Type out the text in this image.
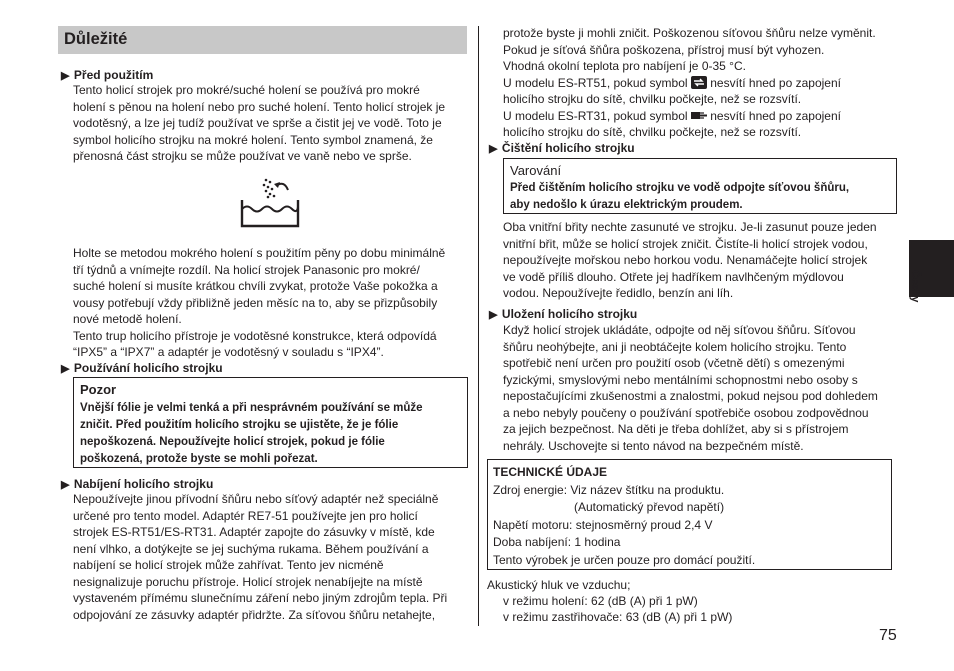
Důležité
▶ Před použitím
Tento holicí strojek pro mokré/suché holení se používá pro mokré
holení s pěnou na holení nebo pro suché holení. Tento holicí strojek je
vodotěsný, a lze jej tudíž používat ve sprše a čistit jej ve vodě. Toto je
symbol holicího strojku na mokré holení. Tento symbol znamená, že
přenosná část strojku se může používat ve vaně nebo ve sprše.
Holte se metodou mokrého holení s použitím pěny po dobu minimálně
tří týdnů a vnímejte rozdíl. Na holicí strojek Panasonic pro mokré/
suché holení si musíte krátkou chvíli zvykat, protože Vaše pokožka a
vousy potřebují vždy přibližně jeden měsíc na to, aby se přizpůsobily
nové metodě holení.
Tento trup holicího přístroje je vodotěsné konstrukce, která odpovídá
“IPX5” a “IPX7” a adaptér je vodotěsný v souladu s “IPX4”.
▶ Používání holicího strojku
Pozor
Vnější fólie je velmi tenká a při nesprávném používání se může
zničit. Před použitím holicího strojku se ujistěte, že je fólie
nepoškozená. Nepoužívejte holicí strojek, pokud je fólie
poškozená, protože byste se mohli pořezat.
▶ Nabíjení holicího strojku
Nepoužívejte jinou přívodní šňůru nebo síťový adaptér než speciálně
určené pro tento model. Adaptér RE7-51 používejte jen pro holicí
strojek ES-RT51/ES-RT31. Adaptér zapojte do zásuvky v místě, kde
není vlhko, a dotýkejte se jej suchýma rukama. Během používání a
nabíjení se holicí strojek může zahřívat. Tento jev nicméně
nesignalizuje poruchu přístroje. Holicí strojek nenabíjejte na místě
vystaveném přímému slunečnímu záření nebo jiným zdrojům tepla. Při
odpojování ze zásuvky adaptér přidržte. Za síťovou šňůru netahejte,
protože byste ji mohli zničit. Poškozenou síťovou šňůru nelze vyměnit.
Pokud je síťová šňůra poškozena, přístroj musí být vyhozen.
Vhodná okolní teplota pro nabíjení je 0-35 °C.
U modelu ES-RT51, pokud symbol nesvítí hned po zapojení
holicího strojku do sítě, chvilku počkejte, než se rozsvítí.
U modelu ES-RT31, pokud symbol nesvítí hned po zapojení
holicího strojku do sítě, chvilku počkejte, než se rozsvítí.
▶ Čištění holicího strojku
Varování
Před čištěním holicího strojku ve vodě odpojte síťovou šňůru,
aby nedošlo k úrazu elektrickým proudem.
Oba vnitřní břity nechte zasunuté ve strojku. Je-li zasunut pouze jeden
vnitřní břit, může se holicí strojek zničit. Čistíte-li holicí strojek vodou,
nepoužívejte mořskou nebo horkou vodu. Nenamáčejte holicí strojek
ve vodě příliš dlouho. Otřete jej hadříkem navlhčeným mýdlovou
vodou. Nepoužívejte ředidlo, benzín ani líh.
▶ Uložení holicího strojku
Když holicí strojek ukládáte, odpojte od něj síťovou šňůru. Síťovou
šňůru neohýbejte, ani ji neobtáčejte kolem holicího strojku. Tento
spotřebič není určen pro použití osob (včetně dětí) s omezenými
fyzickými, smyslovými nebo mentálními schopnostmi nebo osoby s
nepostačujícími zkušenostmi a znalostmi, pokud nejsou pod dohledem
a nebo nebyly poučeny o používání spotřebiče osobou zodpovědnou
za jejich bezpečnost. Na děti je třeba dohlížet, aby si s přístrojem
nehrály. Uschovejte si tento návod na bezpečném místě.
TECHNICKÉ ÚDAJE
Zdroj energie: Viz název štítku na produktu.
(Automatický převod napětí)
Napětí motoru: stejnosměrný proud 2,4 V
Doba nabíjení: 1 hodina
Tento výrobek je určen pouze pro domácí použití.
Akustický hluk ve vzduchu;
v režimu holení: 62 (dB (A) při 1 pW)
v režimu zastřihovače: 63 (dB (A) při 1 pW)
Česky
75
